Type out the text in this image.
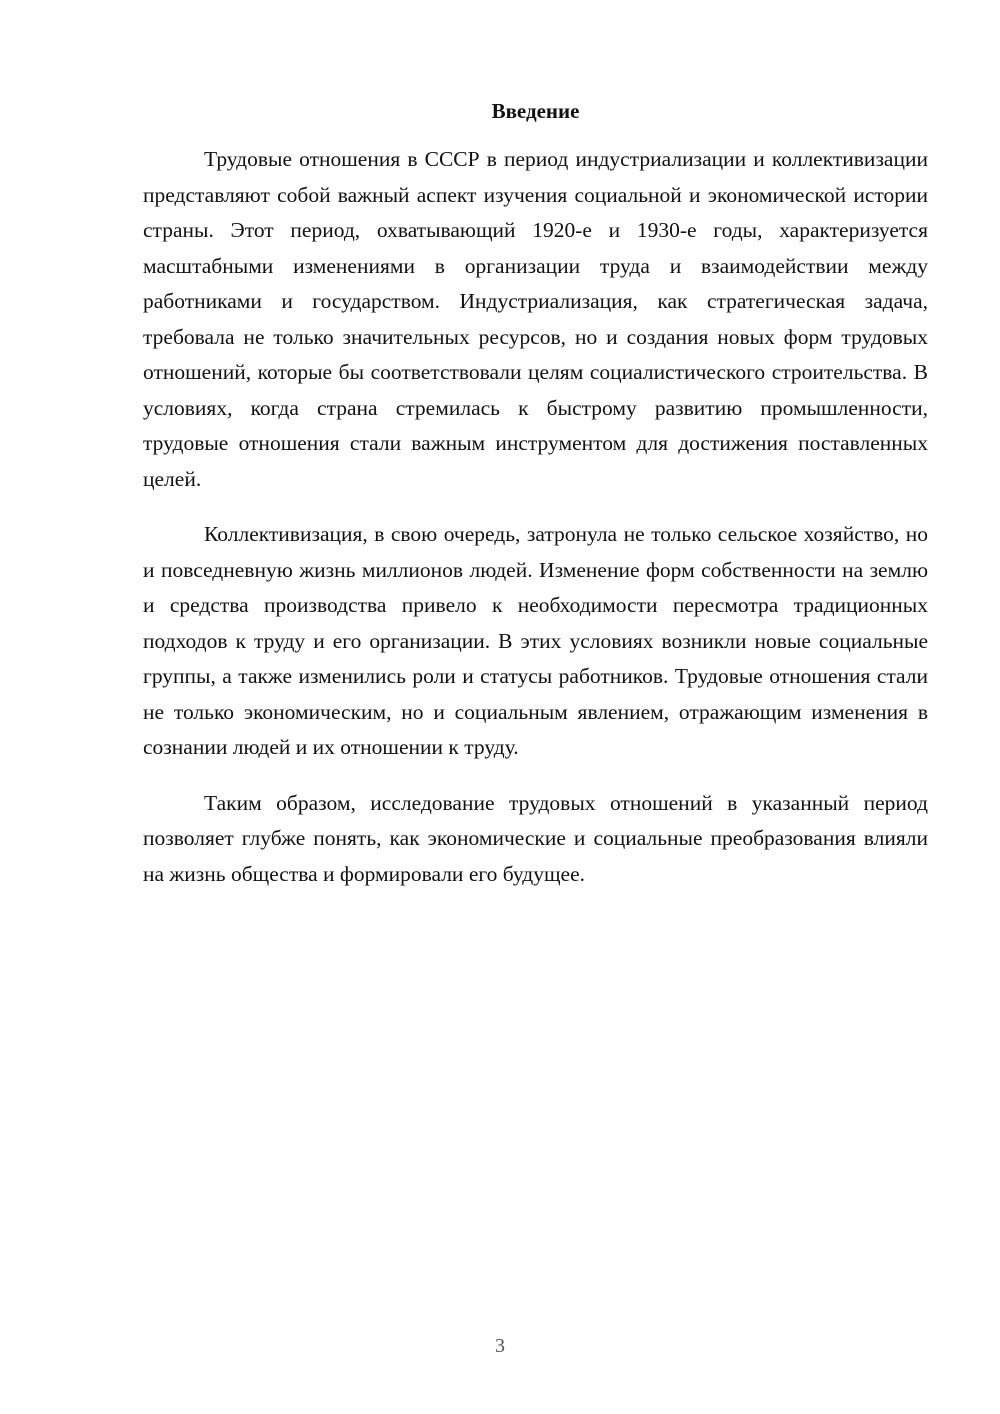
Введение

Трудовые отношения в СССР в период индустриализации и коллективизации представляют собой важный аспект изучения социальной и экономической истории страны. Этот период, охватывающий 1920-е и 1930-е годы, характеризуется масштабными изменениями в организации труда и взаимодействии между работниками и государством. Индустриализация, как стратегическая задача, требовала не только значительных ресурсов, но и создания новых форм трудовых отношений, которые бы соответствовали целям социалистического строительства. В условиях, когда страна стремилась к быстрому развитию промышленности, трудовые отношения стали важным инструментом для достижения поставленных целей.

Коллективизация, в свою очередь, затронула не только сельское хозяйство, но и повседневную жизнь миллионов людей. Изменение форм собственности на землю и средства производства привело к необходимости пересмотра традиционных подходов к труду и его организации. В этих условиях возникли новые социальные группы, а также изменились роли и статусы работников. Трудовые отношения стали не только экономическим, но и социальным явлением, отражающим изменения в сознании людей и их отношении к труду.

Таким образом, исследование трудовых отношений в указанный период позволяет глубже понять, как экономические и социальные преобразования влияли на жизнь общества и формировали его будущее.

3
